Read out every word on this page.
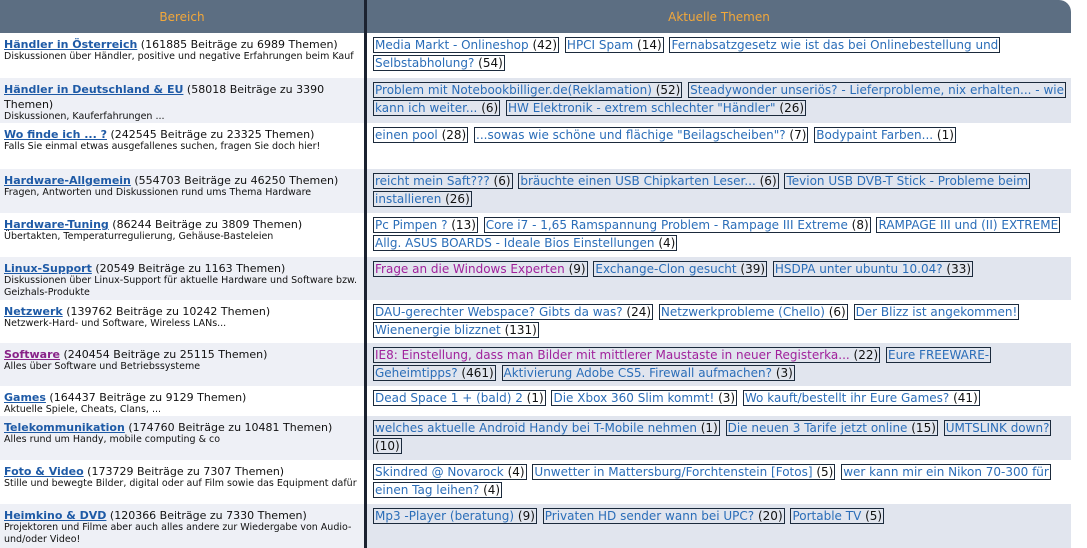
Bereich	Aktuelle Themen
Händler in Österreich (161885 Beiträge zu 6989 Themen)
Diskussionen über Händler, positive und negative Erfahrungen beim Kauf
Media Markt - Onlineshop (42) HPCI Spam (14) Fernabsatzgesetz wie ist das bei Onlinebestellung und Selbstabholung? (54)
Händler in Deutschland & EU (58018 Beiträge zu 3390 Themen)
Diskussionen, Kauferfahrungen ...
Problem mit Notebookbilliger.de(Reklamation) (52) Steadywonder unseriös? - Lieferprobleme, nix erhalten... - wie kann ich weiter... (6) HW Elektronik - extrem schlechter "Händler" (26)
Wo finde ich ... ? (242545 Beiträge zu 23325 Themen)
Falls Sie einmal etwas ausgefallenes suchen, fragen Sie doch hier!
einen pool (28) ...sowas wie schöne und flächige "Beilagscheiben"? (7) Bodypaint Farben... (1)
Hardware-Allgemein (554703 Beiträge zu 46250 Themen)
Fragen, Antworten und Diskussionen rund ums Thema Hardware
reicht mein Saft??? (6) bräuchte einen USB Chipkarten Leser... (6) Tevion USB DVB-T Stick - Probleme beim installieren (26)
Hardware-Tuning (86244 Beiträge zu 3809 Themen)
Übertakten, Temperaturregulierung, Gehäuse-Basteleien
Pc Pimpen ? (13) Core i7 - 1,65 Ramspannung Problem - Rampage III Extreme (8) RAMPAGE III und (II) EXTREME Allg. ASUS BOARDS - Ideale Bios Einstellungen (4)
Linux-Support (20549 Beiträge zu 1163 Themen)
Diskussionen über Linux-Support für aktuelle Hardware und Software bzw. Geizhals-Produkte
Frage an die Windows Experten (9) Exchange-Clon gesucht (39) HSDPA unter ubuntu 10.04? (33)
Netzwerk (139762 Beiträge zu 10242 Themen)
Netzwerk-Hard- und Software, Wireless LANs...
DAU-gerechter Webspace? Gibts da was? (24) Netzwerkprobleme (Chello) (6) Der Blizz ist angekommen! Wienenergie blizznet (131)
Software (240454 Beiträge zu 25115 Themen)
Alles über Software und Betriebssysteme
IE8: Einstellung, dass man Bilder mit mittlerer Maustaste in neuer Registerka... (22) Eure FREEWARE-Geheimtipps? (461) Aktivierung Adobe CS5. Firewall aufmachen? (3)
Games (164437 Beiträge zu 9129 Themen)
Aktuelle Spiele, Cheats, Clans, ...
Dead Space 1 + (bald) 2 (1) Die Xbox 360 Slim kommt! (3) Wo kauft/bestellt ihr Eure Games? (41)
Telekommunikation (174760 Beiträge zu 10481 Themen)
Alles rund um Handy, mobile computing & co
welches aktuelle Android Handy bei T-Mobile nehmen (1) Die neuen 3 Tarife jetzt online (15) UMTSLINK down? (10)
Foto & Video (173729 Beiträge zu 7307 Themen)
Stille und bewegte Bilder, digital oder auf Film sowie das Equipment dafür
Skindred @ Novarock (4) Unwetter in Mattersburg/Forchtenstein [Fotos] (5) wer kann mir ein Nikon 70-300 für einen Tag leihen? (4)
Heimkino & DVD (120366 Beiträge zu 7330 Themen)
Projektoren und Filme aber auch alles andere zur Wiedergabe von Audio- und/oder Video!
Mp3 -Player (beratung) (9) Privaten HD sender wann bei UPC? (20) Portable TV (5)
